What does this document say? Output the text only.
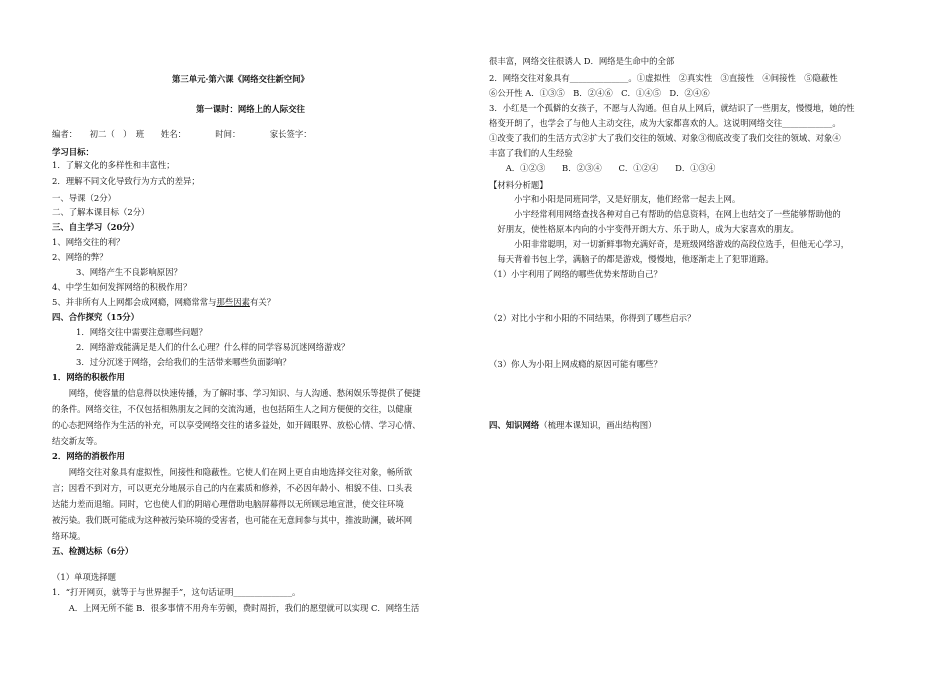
第三单元·第六课《网络交往新空间》
第一课时：网络上的人际交往
编者：　　初二（　）　班　　姓名：　　　　时间：　　　　家长签字：
学习目标：
1．了解文化的多样性和丰富性；
2．理解不同文化导致行为方式的差异；
一、导课（2分）
二、了解本课目标（2分）
三、自主学习（20分）
1、网络交往的利？
2、网络的弊？
3、网络产生不良影响原因？
4、中学生如何发挥网络的积极作用？
5、并非所有人上网都会成网瘾，网瘾常常与那些因素有关？
四、合作探究（15分）
1．网络交往中需要注意哪些问题？
2．网络游戏能满足是人们的什么心理？什么样的同学容易沉迷网络游戏？
3．过分沉迷于网络，会给我们的生活带来哪些负面影响？
1．网络的积极作用
　　网络，使容量的信息得以快速传播，为了解时事、学习知识、与人沟通、愁闲娱乐等提供了便捷
的条件。网络交往，不仅包括相熟朋友之间的交流沟通，也包括陌生人之间方便便的交往，以健康
的心态把网络作为生活的补充，可以享受网络交往的诸多益处，如开阔眼界、放松心情、学习心情、
结交新友等。
2．网络的消极作用
　　网络交往对象具有虚拟性，间接性和隐蔽性。它使人们在网上更自由地选择交往对象，畅所欲
言；因看不到对方，可以更充分地展示自己的内在素质和修养，不必因年龄小、相貌不佳、口头表
达能力差而退缩。同时，它也使人们的阴暗心理借助电脑屏幕得以无所顾忌地宣泄，使交往环境
被污染。我们既可能成为这种被污染环境的受害者，也可能在无意间参与其中，推波助澜，破坏网
络环境。
五、检测达标（6分）
（1）单项选择题
1．“打开网页，就等于与世界握手”，这句话证明______________。
　　A．上网无所不能 B．很多事情不用舟车劳顿，费时周折，我们的愿望就可以实现 C．网络生活
很丰富，网络交往很诱人 D．网络是生命中的全部
2．网络交往对象具有______________。①虚拟性　②真实性　③直接性　④间接性　⑤隐蔽性
⑥公开性 A．①③⑤　B．②④⑥　C．①④⑤　D．②④⑥
3．小红是一个孤僻的女孩子，不愿与人沟通。但自从上网后，就结识了一些朋友，慢慢地，她的性
格变开朗了，也学会了与他人主动交往，成为大家都喜欢的人。这说明网络交往____________。
①改变了我们的生活方式②扩大了我们交往的领域、对象③彻底改变了我们交往的领域、对象④
丰富了我们的人生经验
　　A．①②③　　B．②③④　　C．①②④　　D．①③④
【材料分析题】
　　　小宇和小阳是同班同学，又是好朋友，他们经常一起去上网。
　　　小宇经常利用网络查找各种对自己有帮助的信息资料，在网上也结交了一些能够帮助他的
　好朋友，使性格原本内向的小宇变得开朗大方、乐于助人，成为大家喜欢的朋友。
　　　小阳非常聪明，对一切新鲜事物充满好奇，是班级网络游戏的高段位选手，但他无心学习，
　每天背着书包上学，满脑子的都是游戏，慢慢地，他逐渐走上了犯罪道路。
（1）小宇利用了网络的哪些优势来帮助自己？
（2）对比小宇和小阳的不同结果，你得到了哪些启示？
（3）你人为小阳上网成瘾的原因可能有哪些？
四、知识网络（梳理本课知识，画出结构图）
